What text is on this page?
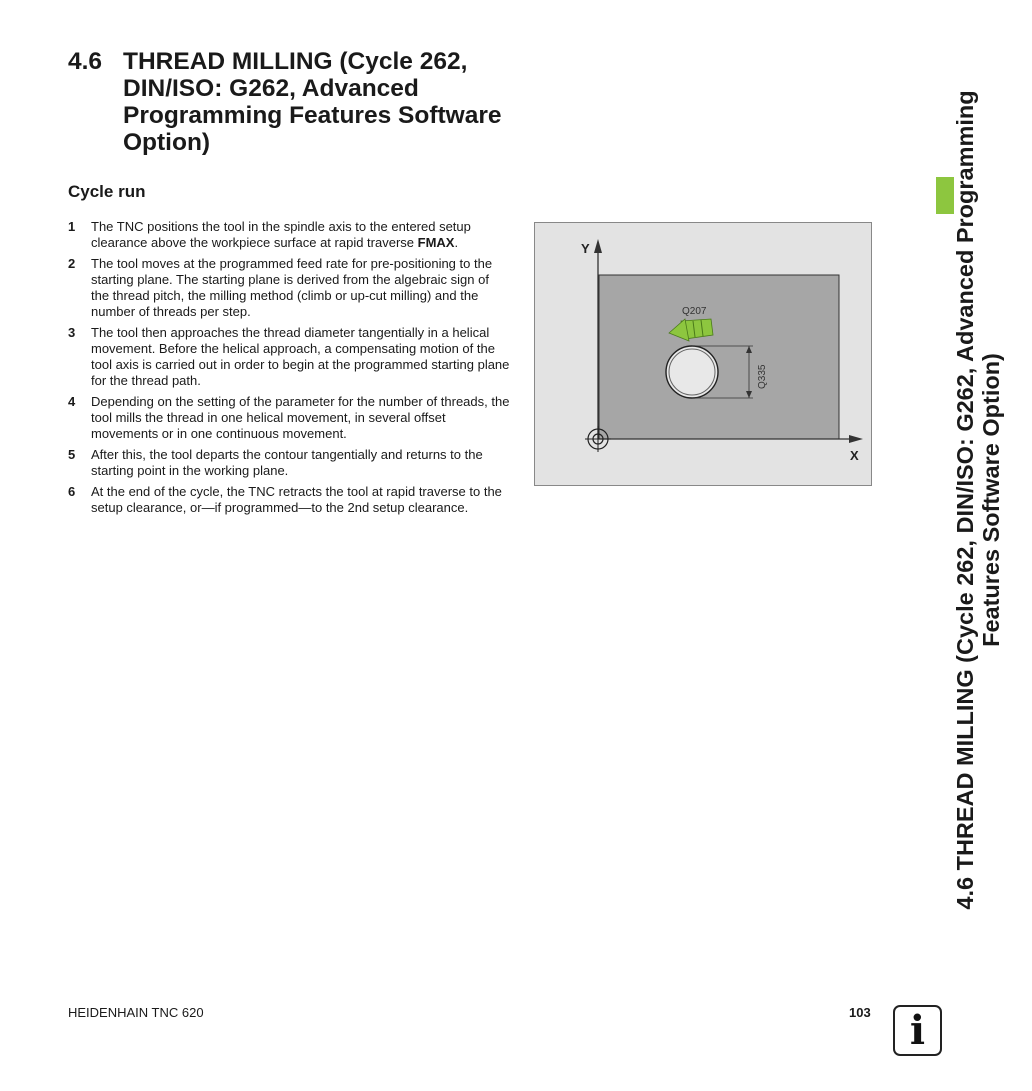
4.6 THREAD MILLING (Cycle 262, DIN/ISO: G262, Advanced Programming Features Software Option)
Cycle run
1	The TNC positions the tool in the spindle axis to the entered setup clearance above the workpiece surface at rapid traverse FMAX.
2	The tool moves at the programmed feed rate for pre-positioning to the starting plane. The starting plane is derived from the algebraic sign of the thread pitch, the milling method (climb or up-cut milling) and the number of threads per step.
3	The tool then approaches the thread diameter tangentially in a helical movement. Before the helical approach, a compensating motion of the tool axis is carried out in order to begin at the programmed starting plane for the thread path.
4	Depending on the setting of the parameter for the number of threads, the tool mills the thread in one helical movement, in several offset movements or in one continuous movement.
5	After this, the tool departs the contour tangentially and returns to the starting point in the working plane.
6	At the end of the cycle, the TNC retracts the tool at rapid traverse to the setup clearance, or—if programmed—to the 2nd setup clearance.
Y
X
Q335
Q207	4.6 THREAD MILLING (Cycle 262, DIN/ISO: G262, Advanced Programming Features Software Option)
HEIDENHAIN TNC 620	103 i
